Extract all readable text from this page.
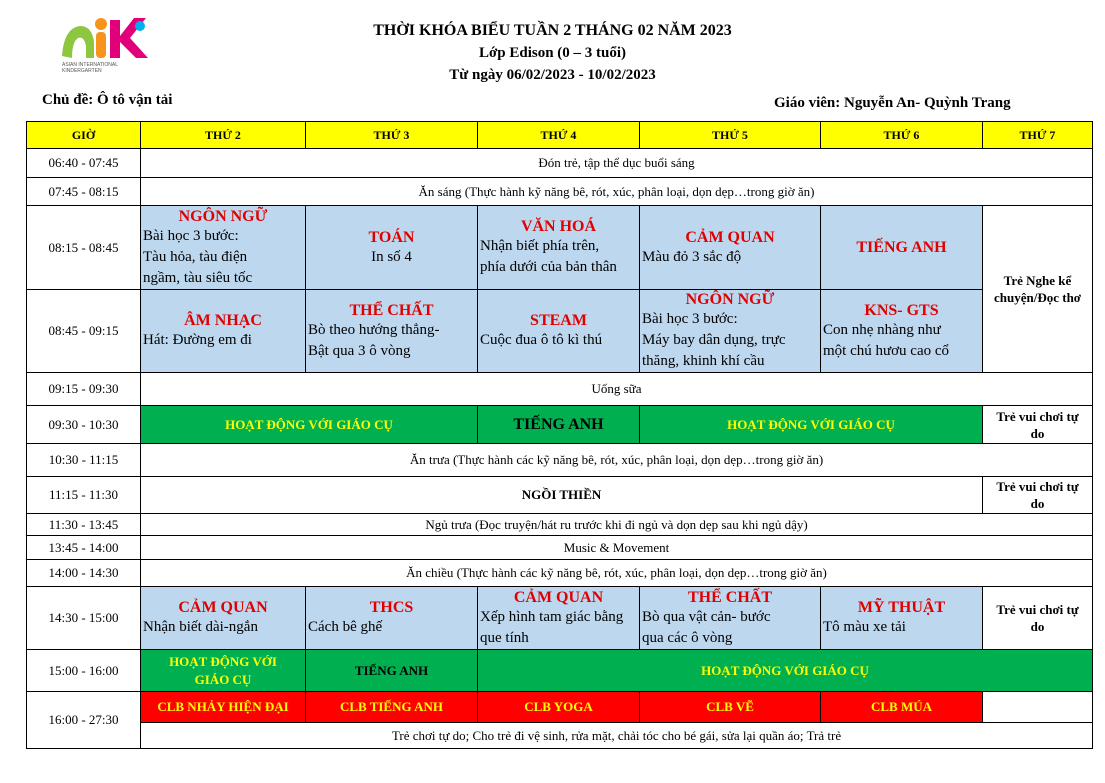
ASIAN INTERNATIONAL
KINDERGARTEN
THỜI KHÓA BIỂU TUẦN 2 THÁNG 02 NĂM 2023
Lớp Edison (0 – 3 tuổi)
Từ ngày 06/02/2023 - 10/02/2023
Chủ đề: Ô tô vận tải	Giáo viên: Nguyễn An- Quỳnh Trang
GIỜ	THỨ 2	THỨ 3	THỨ 4	THỨ 5	THỨ 6	THỨ 7
06:40 - 07:45	Đón trẻ, tập thể dục buổi sáng					
07:45 - 08:15	Ăn sáng (Thực hành kỹ năng bê, rót, xúc, phân loại, dọn dẹp…trong giờ ăn)					
08:15 - 08:45	NGÔN NGỮ
Bài học 3 bước:
Tàu hỏa, tàu điện
ngầm, tàu siêu tốc	TOÁN
In số 4	VĂN HOÁ
Nhận biết phía trên,
phía dưới của bản thân	CẢM QUAN
Màu đỏ 3 sắc độ	TIẾNG ANH	Trẻ Nghe kể
chuyện/Đọc thơ

08:45 - 09:15	ÂM NHẠC
Hát: Đường em đi	THỂ CHẤT
Bò theo hướng thẳng-
Bật qua 3 ô vòng	STEAM
Cuộc đua ô tô kì thú	NGÔN NGỮ
Bài học 3 bước:
Máy bay dân dụng, trực
thăng, khinh khí cầu	KNS- GTS
Con nhẹ nhàng như
một chú hươu cao cổ	

09:15 - 09:30	Uống sữa					
09:30 - 10:30	HOẠT ĐỘNG VỚI GIÁO CỤ		TIẾNG ANH	HOẠT ĐỘNG VỚI GIÁO CỤ		Trẻ vui chơi tự
do

10:30 - 11:15	Ăn trưa (Thực hành các kỹ năng bê, rót, xúc, phân loại, dọn dẹp…trong giờ ăn)					
11:15 - 11:30	NGỒI THIỀN					Trẻ vui chơi tự
do

11:30 - 13:45	Ngủ trưa (Đọc truyện/hát ru trước khi đi ngủ và dọn dẹp sau khi ngủ dậy)					
13:45 - 14:00	Music & Movement					
14:00 - 14:30	Ăn chiều (Thực hành các kỹ năng bê, rót, xúc, phân loại, dọn dẹp…trong giờ ăn)					
14:30 - 15:00	CẢM QUAN
Nhận biết dài-ngắn	THCS
Cách bê ghế	CẢM QUAN
Xếp hình tam giác bằng
que tính	THỂ CHẤT
Bò qua vật cản- bước
qua các ô vòng	MỸ THUẬT
Tô màu xe tải	Trẻ vui chơi tự
do

15:00 - 16:00	HOẠT ĐỘNG VỚI
GIÁO CỤ	TIẾNG ANH	HOẠT ĐỘNG VỚI GIÁO CỤ			
16:00 - 27:30	CLB NHẢY HIỆN ĐẠI	CLB TIẾNG ANH	CLB YOGA	CLB VẼ	CLB MÚA	
	Trẻ chơi tự do; Cho trẻ đi vệ sinh, rửa mặt, chải tóc cho bé gái, sửa lại quần áo; Trả trẻ					
